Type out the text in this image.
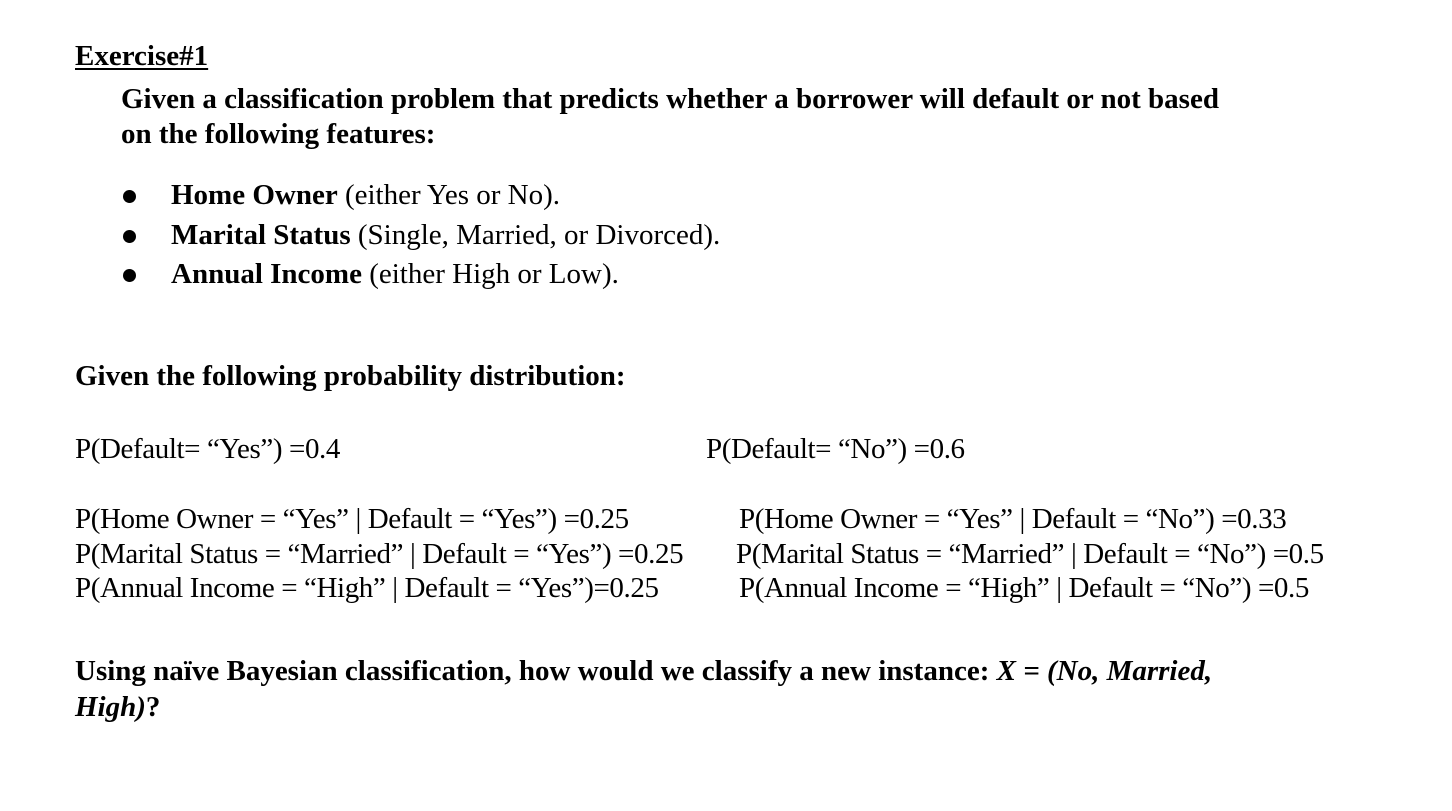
Exercise#1
Given a classification problem that predicts whether a borrower will default or not based
on the following features:
Home Owner (either Yes or No).
Marital Status (Single, Married, or Divorced).
Annual Income (either High or Low).
Given the following probability distribution:
P(Default= “Yes”) =0.4	P(Default= “No”) =0.6
P(Home Owner = “Yes” | Default = “Yes”) =0.25
P(Marital Status = “Married” | Default = “Yes”) =0.25
P(Annual Income = “High” | Default = “Yes”)=0.25
P(Home Owner = “Yes” | Default = “No”) =0.33
P(Marital Status = “Married” | Default = “No”) =0.5
P(Annual Income = “High” | Default = “No”) =0.5
Using naïve Bayesian classification, how would we classify a new instance: X = (No, Married,
High)?
